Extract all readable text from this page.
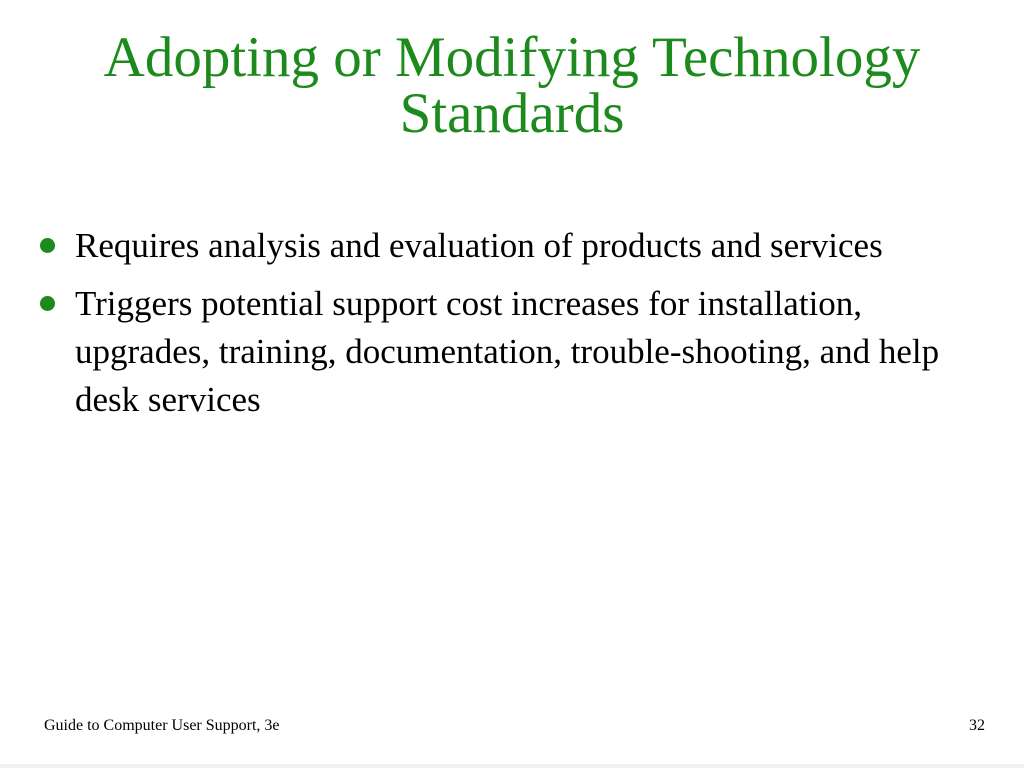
Adopting or Modifying Technology
Standards
Requires analysis and evaluation of products and services
Triggers potential support cost increases for installation, upgrades, training, documentation, trouble-shooting, and help desk services
Guide to Computer User Support, 3e	32
